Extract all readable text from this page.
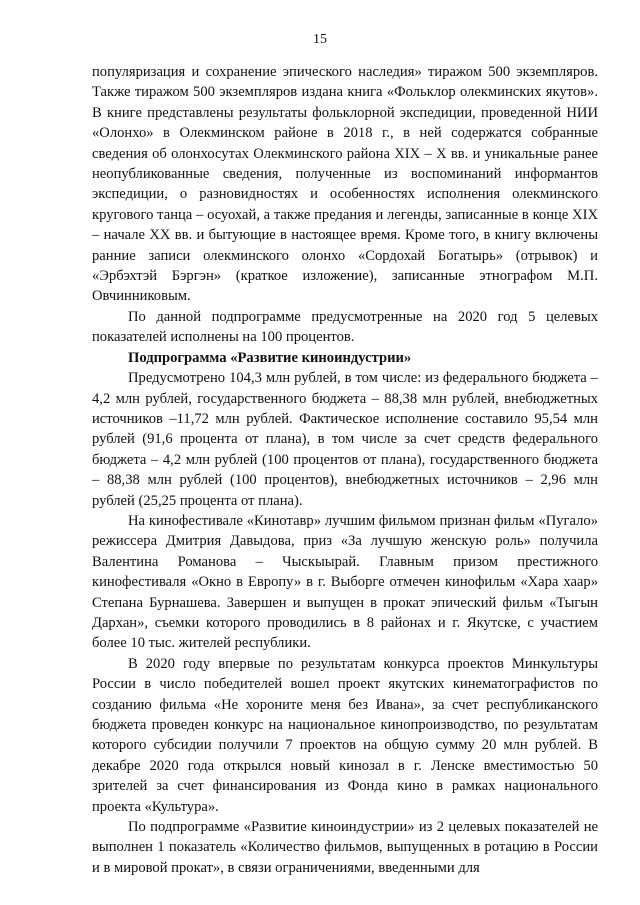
15

популяризация и сохранение эпического наследия» тиражом 500 экземпляров. Также тиражом 500 экземпляров издана книга «Фольклор олекминских якутов». В книге представлены результаты фольклорной экспедиции, проведенной НИИ «Олонхо» в Олекминском районе в 2018 г., в ней содержатся собранные сведения об олонхосутах Олекминского района XIX – X вв. и уникальные ранее неопубликованные сведения, полученные из воспоминаний информантов экспедиции, о разновидностях и особенностях исполнения олекминского кругового танца – осуохай, а также предания и легенды, записанные в конце XIX – начале XX вв. и бытующие в настоящее время. Кроме того, в книгу включены ранние записи олекминского олонхо «Сордохай Богатырь» (отрывок) и «Эрбэхтэй Бэргэн» (краткое изложение), записанные этнографом М.П. Овчинниковым.

По данной подпрограмме предусмотренные на 2020 год 5 целевых показателей исполнены на 100 процентов.

Подпрограмма «Развитие киноиндустрии»

Предусмотрено 104,3 млн рублей, в том числе: из федерального бюджета – 4,2 млн рублей, государственного бюджета – 88,38 млн рублей, внебюджетных источников –11,72 млн рублей. Фактическое исполнение составило 95,54 млн рублей (91,6 процента от плана), в том числе за счет средств федерального бюджета – 4,2 млн рублей (100 процентов от плана), государственного бюджета – 88,38 млн рублей (100 процентов), внебюджетных источников – 2,96 млн рублей (25,25 процента от плана).

На кинофестивале «Кинотавр» лучшим фильмом признан фильм «Пугало» режиссера Дмитрия Давыдова, приз «За лучшую женскую роль» получила Валентина Романова – Чыскыырай. Главным призом престижного кинофестиваля «Окно в Европу» в г. Выборге отмечен кинофильм «Хара хаар» Степана Бурнашева. Завершен и выпущен в прокат эпический фильм «Тыгын Дархан», съемки которого проводились в 8 районах и г. Якутске, с участием более 10 тыс. жителей республики.

В 2020 году впервые по результатам конкурса проектов Минкультуры России в число победителей вошел проект якутских кинематографистов по созданию фильма «Не хороните меня без Ивана», за счет республиканского бюджета проведен конкурс на национальное кинопроизводство, по результатам которого субсидии получили 7 проектов на общую сумму 20 млн рублей. В декабре 2020 года открылся новый кинозал в г. Ленске вместимостью 50 зрителей за счет финансирования из Фонда кино в рамках национального проекта «Культура».

По подпрограмме «Развитие киноиндустрии» из 2 целевых показателей не выполнен 1 показатель «Количество фильмов, выпущенных в ротацию в России и в мировой прокат», в связи ограничениями, введенными для
